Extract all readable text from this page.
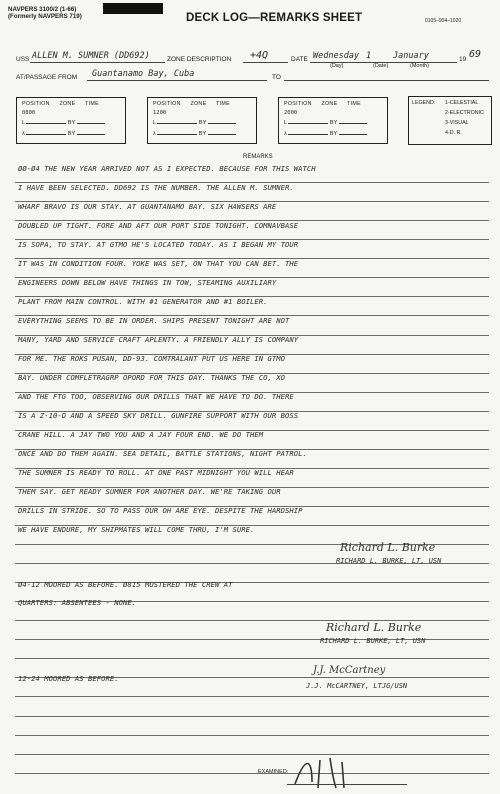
NAVPERS 3100/2 (1-66)
(Formerly NAVPERS 719)	DECK LOG—REMARKS SHEET	0105–904–1020
USS ALLEN M. SUMNER (DD692)	ZONE DESCRIPTION +4Q	DATE Wednesday 1	January	19 69
(Day)	(Date)	(Month)
AT/PASSAGE FROM Guantanamo Bay, Cuba	TO
POSITION ZONE TIME
0800
L	BY
λ	BY
POSITION ZONE TIME
1200
L	BY
λ	BY
POSITION ZONE TIME
2000
L	BY
λ	BY
LEGEND: 1-CELESTIAL
2-ELECTRONIC
3-VISUAL
4-D. R.
REMARKS
ØØ-Ø4 THE NEW YEAR ARRIVED NOT AS I EXPECTED. BECAUSE FOR THIS WATCH
I HAVE BEEN SELECTED. DD692 IS THE NUMBER. THE ALLEN M. SUMNER.
WHARF BRAVO IS OUR STAY. AT GUANTANAMO BAY. SIX HAWSERS ARE
DOUBLED UP TIGHT. FORE AND AFT OUR PORT SIDE TONIGHT. COMNAVBASE
IS SOPA, TO STAY. AT GTMO HE'S LOCATED TODAY. AS I BEGAN MY TOUR
IT WAS IN CONDITION FOUR. YOKE WAS SET, ON THAT YOU CAN BET. THE
ENGINEERS DOWN BELOW HAVE THINGS IN TOW, STEAMING AUXILIARY
PLANT FROM MAIN CONTROL. WITH #1 GENERATOR AND #1 BOILER.
EVERYTHING SEEMS TO BE IN ORDER. SHIPS PRESENT TONIGHT ARE NOT
MANY, YARD AND SERVICE CRAFT APLENTY. A FRIENDLY ALLY IS COMPANY
FOR ME. THE ROKS PUSAN, DD-93. COMTRALANT PUT US HERE IN GTMO
BAY. UNDER COMFLETRAGRP OPORD FOR THIS DAY. THANKS THE CO, XO
AND THE FTG TOO, OBSERVING OUR DRILLS THAT WE HAVE TO DO. THERE
IS A Z-10-D AND A SPEED SKY DRILL. GUNFIRE SUPPORT WITH OUR BOSS
CRANE HILL. A JAY TWO YOU AND A JAY FOUR END. WE DO THEM
ONCE AND DO THEM AGAIN. SEA DETAIL, BATTLE STATIONS, NIGHT PATROL.
THE SUMNER IS READY TO ROLL. AT ONE PAST MIDNIGHT YOU WILL HEAR
THEM SAY. GET READY SUMNER FOR ANOTHER DAY. WE'RE TAKING OUR
DRILLS IN STRIDE. SO TO PASS OUR OH ARE EYE. DESPITE THE HARDSHIP
WE HAVE ENDURE, MY SHIPMATES WILL COME THRU, I'M SURE.
Richard L. Burke
RICHARD L. BURKE, LT, USN
Ø4-12 MOORED AS BEFORE. Ø815 MUSTERED THE CREW AT
QUARTERS: ABSENTEES - NONE.
Richard L. Burke
RICHARD L. BURKE, LT, USN
12-24 MOORED AS BEFORE.
J.J. McCartney
J.J. McCARTNEY, LTJG/USN
EXAMINED:
